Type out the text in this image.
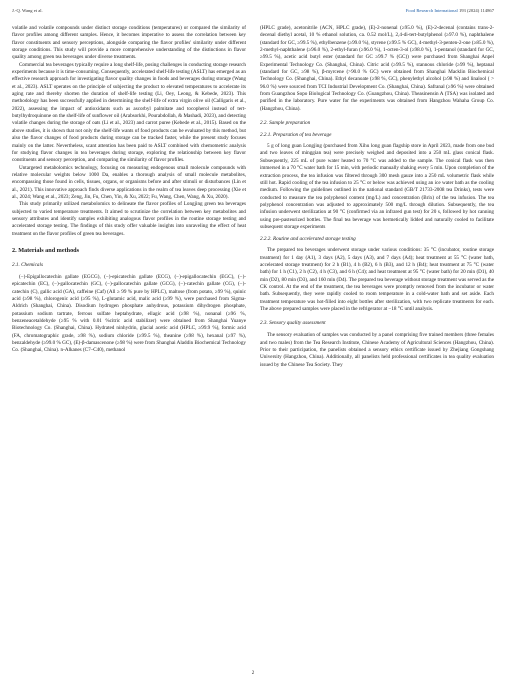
J.-Q. Wang et al.	Food Research International 193 (2024) 114867

volatile and volatile compounds under distinct storage conditions (temperatures) or compared the similarity of flavor profiles among different samples. Hence, it becomes imperative to assess the correlation between key flavor constituents and sensory perceptions, alongside comparing the flavor profiles' similarity under different storage conditions. This study will provide a more comprehensive understanding of the distinctions in flavor quality among green tea beverages under diverse treatments.

Commercial tea beverages typically require a long shelf-life, posing challenges in conducting storage research experiments because it is time-consuming. Consequently, accelerated shelf-life testing (ASLT) has emerged as an effective research approach for investigating flavor quality changes in foods and beverages during storage (Wang et al., 2023). ASLT operates on the principle of subjecting the product to elevated temperatures to accelerate its aging rate and thereby shorten the duration of shelf-life testing (Li, Oey, Leong, & Kebede, 2023). This methodology has been successfully applied in determining the shelf-life of extra virgin olive oil (Calligaris et al., 2022), assessing the impact of antioxidants such as ascorbyl palmitate and tocopherol instead of tert-butylhydroquinone on the shelf-life of sunflower oil (Arabsorkhi, Pourabdollah, & Mashadi, 2023), and detecting volatile changes during the storage of oats (Li et al., 2023) and carrot puree (Kebede et al., 2015). Based on the above studies, it is shown that not only the shelf-life wants of food products can be evaluated by this method, but also the flavor changes of food products during storage can be tracked faster, while the present study focuses mainly on the latter. Nevertheless, scant attention has been paid to ASLT combined with chemometric analysis for studying flavor changes in tea beverages during storage, exploring the relationship between key flavor constituents and sensory perception, and comparing the similarity of flavor profiles.

Untargeted metabolomics technology, focusing on measuring endogenous small molecule compounds with relative molecular weights below 1000 Da, enables a thorough analysis of small molecule metabolites, encompassing those found in cells, tissues, organs, or organisms before and after stimuli or disturbances (Lin et al., 2021). This innovative approach finds diverse applications in the realm of tea leaves deep processing (Xie et al., 2024; Wang et al., 2023; Zeng, Jin, Fu, Chen, Yin, & Xu, 2022; Fu, Wang, Chen, Wang, & Xu, 2020).

This study primarily utilized metabolomics to delineate the flavor profiles of Longjing green tea beverages subjected to varied temperature treatments. It aimed to scrutinize the correlation between key metabolites and sensory attributes and identify samples exhibiting analogous flavor profiles in the routine storage testing and accelerated storage testing. The findings of this study offer valuable insights into unraveling the effect of heat treatment on the flavor profiles of green tea beverages.

2. Materials and methods
2.1. Chemicals

(−)-Epigallocatechin gallate (EGCG), (−)-epicatechin gallate (ECG), (−)-epigallocatechin (EGC), (−)-epicatechin (EC), (−)-gallocatechin (GC), (−)-gallocatechin gallate (GCG), (−)-catechin gallate (CG), (−)-catechin (C), gallic acid (GA), caffeine (Caf) (All ≥ 99 % pure by HPLC), maltose (from potato, ≥99 %), quinic acid (≥98 %), chlorogenic acid (≥95 %), L-glutamic acid, malic acid (≥99 %), were purchased from Sigma-Aldrich (Shanghai, China). Disodium hydrogen phosphate anhydrous, potassium dihydrogen phosphate, potassium sodium tartrate, ferrous sulfate heptahydrate, ellagic acid (≥98 %), nonanal (≥96 %, benzeneacetaldehyde (≥95 % with 0.01 %citric acid stabilizer) were obtained from Shanghai Yuanye Biotechnology Co. (Shanghai, China). Hydrated ninhydrin, glacial acetic acid (HPLC, ≥99.9 %), formic acid (FA, chromatographic grade, ≥98 %), sodium chloride (≥99.5 %), theanine (≥98 %), hexanal (≥97 %), benzaldehyde (≥99.0 % GC), (E)-β-damascenone (≥98 %) were from Shanghai Aladdin Biochemical Technology Co. (Shanghai, China). n-Alkanes (C7–C40), methanol

(HPLC grade), acetonitrile (ACN, HPLC grade), (E)-2-nonenal (≥95.0 %), (E)-2-decenal (contains trans-2-decenal diethyl acetal, 10 % ethanol solution, ca. 0.52 mol/L), 2,4-di-tert-butylphenol (≥97.0 %), naphthalene (standard for GC, ≥99.5 %), ethylbenzene (≥99.0 %), styrene (≥99.5 % GC), 4-methyl-3-penten-2-one (≥85.0 %), 2-methyl-naphthalene (≥96.0 %), 2-ethyl-furan (≥96.0 %), 1-octen-3-ol (≥98.0 %), 1-pentanol (standard for GC, ≥99.5 %), acetic acid butyl ester (standard for GC ≥99.7 % (GC)) were purchased from Shanghai Anpel Experimental Technology Co. (Shanghai, China). Citric acid (≥99.5 %), stannous chloride (≥99 %), heptanal (standard for GC, ≥98 %), β-myrcene (>90.0 % GC) were obtained from Shanghai Macklin Biochemical Technology Co. (Shanghai, China). Ethyl decanoate (≥98 %, GC), phenylethyl alcohol (≥98 %) and linalool ( > 96.0 %) were sourced from TCI Industrial Development Co. (Shanghai, China). Safranal (≥96 %) were obtained from Guangzhou Sopo Biological Technology Co. (Guangzhou, China). Theasinensin A (TSA) was isolated and purified in the laboratory. Pure water for the experiments was obtained from Hangzhou Wahaha Group Co. (Hangzhou, China).

2.2. Sample preparation
2.2.1. Preparation of tea beverage

5 g of long guan Longjing (purchased from Xihu long guan flagship store in April 2023, made from one bud and two leaves of minggian tea) were precisely weighed and deposited into a 250 mL glass conical flask. Subsequently, 225 mL of pure water heated to 70 °C was added to the sample. The conical flask was then immersed in a 70 °C water bath for 15 min, with periodic manually shaking every 5 min. Upon completion of the extraction process, the tea infusion was filtered through 300 mesh gauze into a 250 mL volumetric flask while still hot. Rapid cooling of the tea infusion to 25 °C or below was achieved using an ice water bath as the cooling medium. Following the guidelines outlined in the national standard (GB/T 21733-2008 tea Drinks), tests were conducted to measure the tea polyphenol content (mg/L) and concentration (Brix) of the tea infusion. The tea polyphenol concentration was adjusted to approximately 500 mg/L through dilution. Subsequently, the tea infusion underwent sterilization at 90 °C (confirmed via an infrared gun test) for 20 s, followed by hot canning using pre-pasteurized bottles. The final tea beverage was hermetically lidded and naturally cooled to facilitate subsequent storage experiments

2.2.2. Routine and accelerated storage testing

The prepared tea beverages underwent storage under various conditions: 35 °C (incubator, routine storage treatment) for 1 day (A1), 3 days (A2), 5 days (A3), and 7 days (A4); heat treatment at 55 °C (water bath, accelerated storage treatment) for 2 h (B1), 4 h (B2), 6 h (B3), and 12 h (B4); heat treatment at 75 °C (water bath) for 1 h (C1), 2 h (C2), 4 h (C3), and 6 h (C4); and heat treatment at 95 °C (water bath) for 20 min (D1), 40 min (D2), 80 min (D3), and 160 min (D4). The prepared tea beverage without storage treatment was served as the CK control. At the end of the treatment, the tea beverages were promptly removed from the incubator or water bath. Subsequently, they were rapidly cooled to room temperature in a cold-water bath and set aside. Each treatment temperature was hot-filled into eight bottles after sterilization, with two replicate treatments for each. The above prepared samples were placed in the refrigerator at −18 °C until analysis.

2.3. Sensory quality assessment

The sensory evaluation of samples was conducted by a panel comprising five trained members (three females and two males) from the Tea Research Institute, Chinese Academy of Agricultural Sciences (Hangzhou, China). Prior to their participation, the panelists obtained a sensory ethics certificate issued by Zhejiang Gongshang University (Hangzhou, China). Additionally, all panelists held professional certificates in tea quality evaluation issued by the Chinese Tea Society. They

2
